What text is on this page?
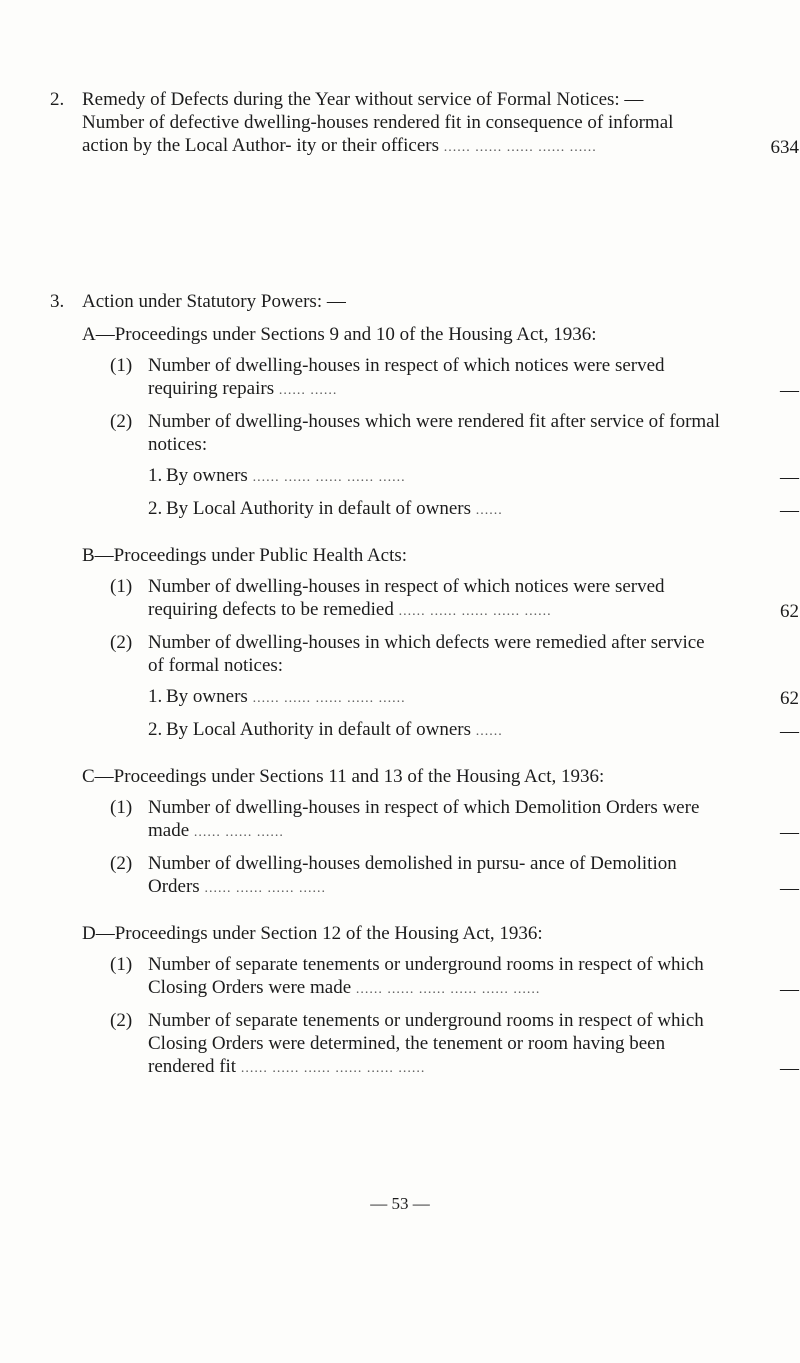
2. Remedy of Defects during the Year without service of Formal Notices: —

Number of defective dwelling-houses rendered fit in consequence of informal action by the Local Author- ity or their officers ...... ...... ...... ...... ......	634
3. Action under Statutory Powers: —

A—Proceedings under Sections 9 and 10 of the Housing Act, 1936:
(1) Number of dwelling-houses in respect of which notices were served requiring repairs ...... ......	—
(2) Number of dwelling-houses which were rendered fit after service of formal notices:
1. By owners ...... ...... ...... ...... ......	—
2. By Local Authority in default of owners ......	—
B—Proceedings under Public Health Acts:
(1) Number of dwelling-houses in respect of which notices were served requiring defects to be remedied ...... ...... ...... ...... ......	62
(2) Number of dwelling-houses in which defects were remedied after service of formal notices:
1. By owners ...... ...... ...... ...... ......	62
2. By Local Authority in default of owners ......	—
C—Proceedings under Sections 11 and 13 of the Housing Act, 1936:
(1) Number of dwelling-houses in respect of which Demolition Orders were made ...... ...... ......	—
(2) Number of dwelling-houses demolished in pursu- ance of Demolition Orders ...... ...... ...... ......	—
D—Proceedings under Section 12 of the Housing Act, 1936:
(1) Number of separate tenements or underground rooms in respect of which Closing Orders were made ...... ...... ...... ...... ...... ......	—
(2) Number of separate tenements or underground rooms in respect of which Closing Orders were determined, the tenement or room having been rendered fit ...... ...... ...... ...... ...... ......	—
— 53 —
